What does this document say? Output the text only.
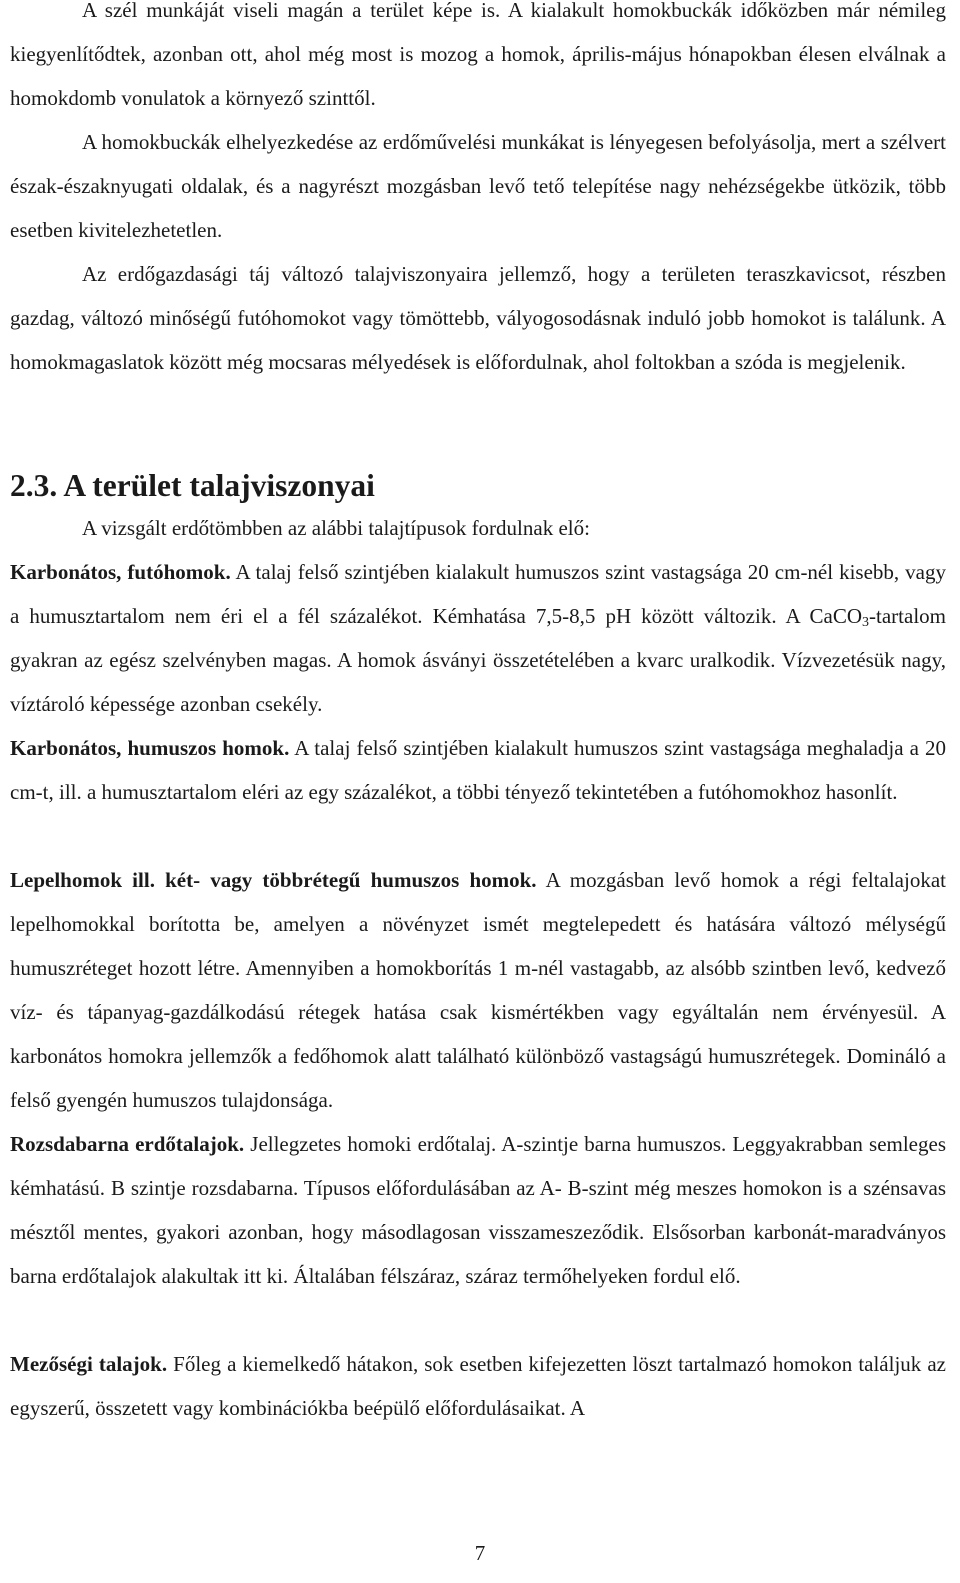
A szél munkáját viseli magán a terület képe is. A kialakult homokbuckák időközben már némileg kiegyenlítődtek, azonban ott, ahol még most is mozog a homok, április-május hónapokban élesen elválnak a homokdomb vonulatok a környező szinttől.

A homokbuckák elhelyezkedése az erdőművelési munkákat is lényegesen befolyásolja, mert a szélvert észak-északnyugati oldalak, és a nagyrészt mozgásban levő tető telepítése nagy nehézségekbe ütközik, több esetben kivitelezhetetlen.

Az erdőgazdasági táj változó talajviszonyaira jellemző, hogy a területen teraszkavicsot, részben gazdag, változó minőségű futóhomokot vagy tömöttebb, vályogosodásnak induló jobb homokot is találunk. A homokmagaslatok között még mocsaras mélyedések is előfordulnak, ahol foltokban a szóda is megjelenik.

2.3. A terület talajviszonyai

A vizsgált erdőtömbben az alábbi talajtípusok fordulnak elő:

Karbonátos, futóhomok. A talaj felső szintjében kialakult humuszos szint vastagsága 20 cm-nél kisebb, vagy a humusztartalom nem éri el a fél százalékot. Kémhatása 7,5-8,5 pH között változik. A CaCO$_3$-tartalom gyakran az egész szelvényben magas. A homok ásványi összetételében a kvarc uralkodik. Vízvezetésük nagy, víztároló képessége azonban csekély.

Karbonátos, humuszos homok. A talaj felső szintjében kialakult humuszos szint vastagsága meghaladja a 20 cm-t, ill. a humusztartalom eléri az egy százalékot, a többi tényező tekintetében a futóhomokhoz hasonlít.

Lepelhomok ill. két- vagy többrétegű humuszos homok. A mozgásban levő homok a régi feltalajokat lepelhomokkal borította be, amelyen a növényzet ismét megtelepedett és hatására változó mélységű humuszréteget hozott létre. Amennyiben a homokborítás 1 m-nél vastagabb, az alsóbb szintben levő, kedvező víz- és tápanyag-gazdálkodású rétegek hatása csak kismértékben vagy egyáltalán nem érvényesül. A karbonátos homokra jellemzők a fedőhomok alatt található különböző vastagságú humuszrétegek. Domináló a felső gyengén humuszos tulajdonsága.

Rozsdabarna erdőtalajok. Jellegzetes homoki erdőtalaj. A-szintje barna humuszos. Leggyakrabban semleges kémhatású. B szintje rozsdabarna. Típusos előfordulásában az A- B-szint még meszes homokon is a szénsavas mésztől mentes, gyakori azonban, hogy másodlagosan visszameszeződik. Elsősorban karbonát-maradványos barna erdőtalajok alakultak itt ki. Általában félszáraz, száraz termőhelyeken fordul elő.

Mezőségi talajok. Főleg a kiemelkedő hátakon, sok esetben kifejezetten löszt tartalmazó homokon találjuk az egyszerű, összetett vagy kombinációkba beépülő előfordulásaikat. A

7
